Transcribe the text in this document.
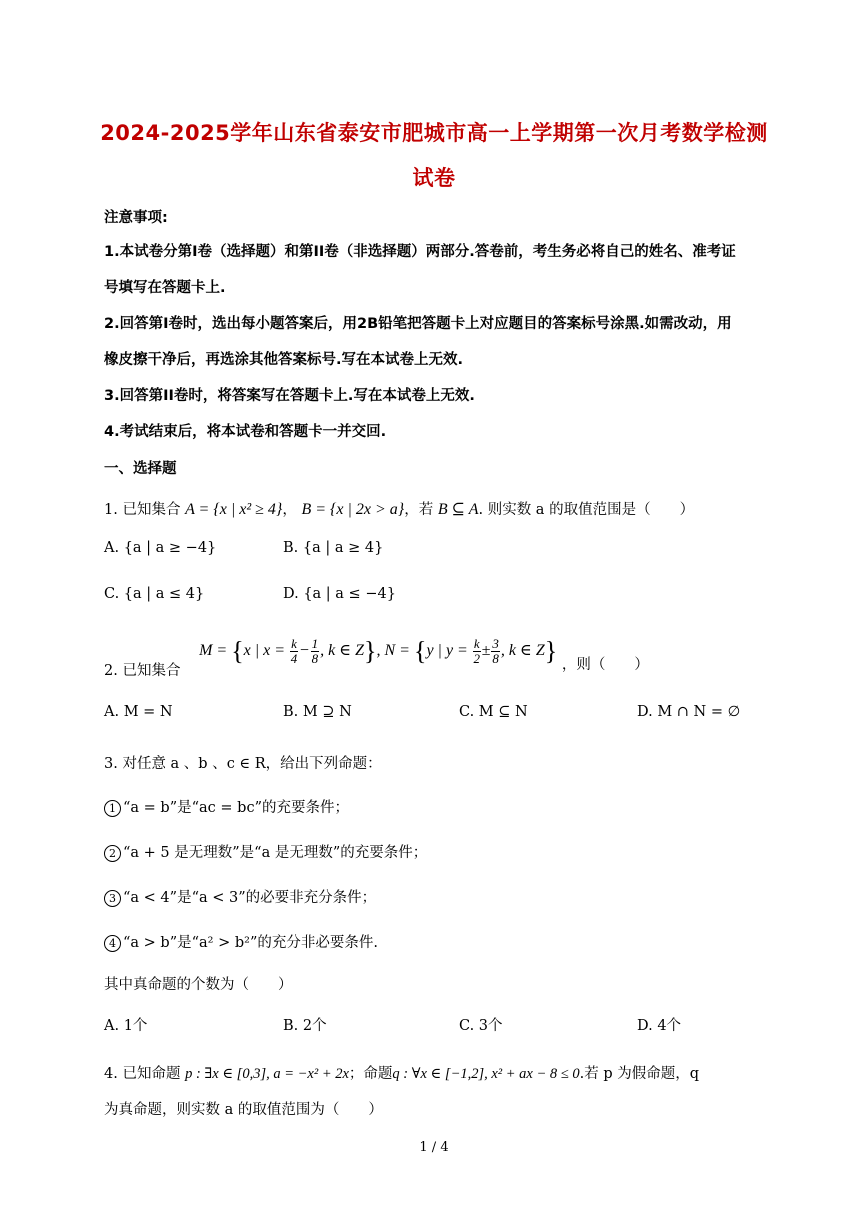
2024-2025学年山东省泰安市肥城市高一上学期第一次月考数学检测
试卷
注意事项:
1.本试卷分第I卷（选择题）和第II卷（非选择题）两部分.答卷前，考生务必将自己的姓名、准考证
号填写在答题卡上.
2.回答第I卷时，选出每小题答案后，用2B铅笔把答题卡上对应题目的答案标号涂黑.如需改动，用
橡皮擦干净后，再选涂其他答案标号.写在本试卷上无效.
3.回答第II卷时，将答案写在答题卡上.写在本试卷上无效.
4.考试结束后，将本试卷和答题卡一并交回.
一、选择题
1. 已知集合 A = {x | x² ≥ 4}， B = {x | 2x > a}，若 B ⊆ A. 则实数 a 的取值范围是（　　）
A. {a | a ≥ −4}	B. {a | a ≥ 4}
C. {a | a ≤ 4}	D. {a | a ≤ −4}
2. 已知集合 M = {x | $x = \frac{k}{4} - \frac{1}{8}$ , k ∈ Z}, N = {y | $y = \frac{k}{2} \pm \frac{3}{8}$ , k ∈ Z} ，则（　　）
A. M = N	B. M ⊇ N	C. M ⊆ N	D. M ∩ N = ∅
3. 对任意 a 、b 、c ∈ R，给出下列命题：
1 “a = b”是“ac = bc”的充要条件；
2 “a + 5 是无理数”是“a 是无理数”的充要条件；
3 “a < 4”是“a < 3”的必要非充分条件；
4 “a > b”是“a² > b²”的充分非必要条件.
其中真命题的个数为（　　）
A. 1个	B. 2个	C. 3个	D. 4个
4. 已知命题 p : ∃x ∈ [0,3], a = −x² + 2x；命题q : ∀x ∈ [−1,2], x² + ax − 8 ≤ 0.若 p 为假命题，q
为真命题，则实数 a 的取值范围为（　　）
1 / 4
